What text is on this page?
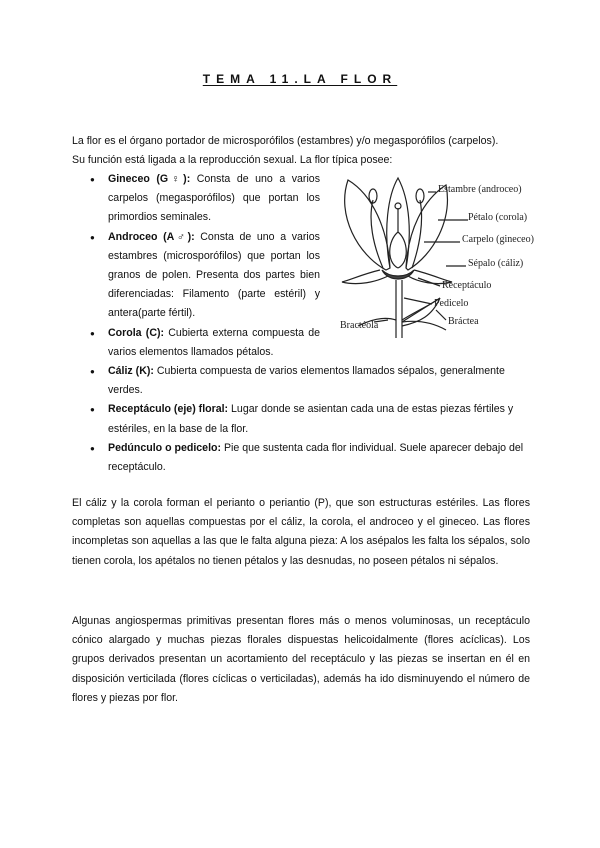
TEMA 11.LA FLOR
La flor es el órgano portador de microsporófilos (estambres) y/o megasporófilos (carpelos).
Su función está ligada a la reproducción sexual. La flor típica posee:
● Gineceo (G♀): Consta de uno a varios carpelos (megasporófilos) que portan los primordios seminales.
● Androceo (A♂): Consta de uno a varios estambres (microsporófilos) que portan los granos de polen. Presenta dos partes bien diferenciadas: Filamento (parte estéril) y antera(parte fértil).
● Corola (C): Cubierta externa compuesta de varios elementos llamados pétalos.
● Cáliz (K): Cubierta compuesta de varios elementos llamados sépalos, generalmente verdes.
● Receptáculo (eje) floral: Lugar donde se asientan cada una de estas piezas fértiles y estériles, en la base de la flor.
● Pedúnculo o pedicelo: Pie que sustenta cada flor individual. Suele aparecer debajo del receptáculo.
Estambre (androceo)
Pétalo (corola)
Carpelo (gineceo)
Sépalo (cáliz)
Receptáculo
Pedicelo
Bráctea
Bractéola
El cáliz y la corola forman el perianto o periantio (P), que son estructuras estériles. Las flores completas son aquellas compuestas por el cáliz, la corola, el androceo y el gineceo. Las flores incompletas son aquellas a las que le falta alguna pieza: A los asépalos les falta los sépalos, solo tienen corola, los apétalos no tienen pétalos y las desnudas, no poseen pétalos ni sépalos.
Algunas angiospermas primitivas presentan flores más o menos voluminosas, un receptáculo cónico alargado y muchas piezas florales dispuestas helicoidalmente (flores acíclicas). Los grupos derivados presentan un acortamiento del receptáculo y las piezas se insertan en él en disposición verticilada (flores cíclicas o verticiladas), además ha ido disminuyendo el número de flores y piezas por flor.
